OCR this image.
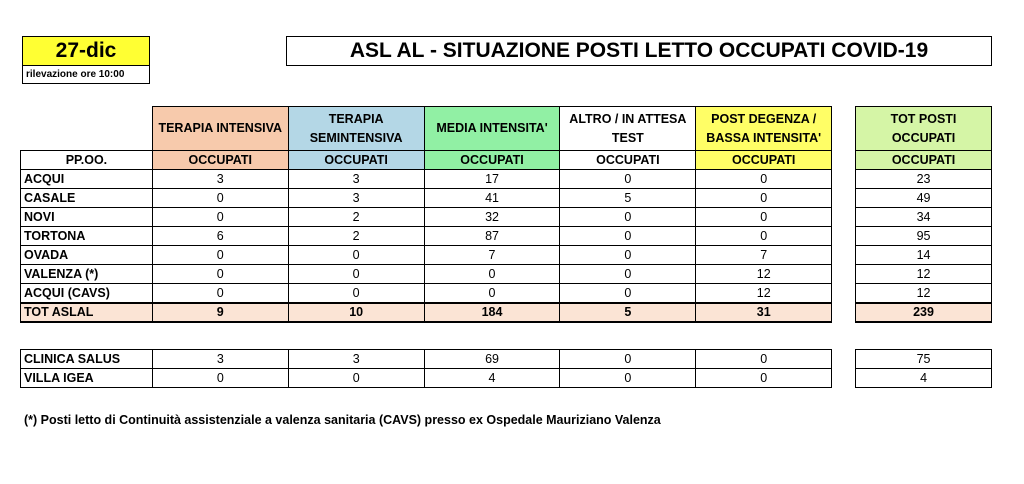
27-dic
rilevazione ore 10:00
ASL AL - SITUAZIONE POSTI LETTO OCCUPATI COVID-19
	TERAPIA INTENSIVA	TERAPIA SEMINTENSIVA	MEDIA INTENSITA'	ALTRO / IN ATTESA TEST	POST DEGENZA / BASSA INTENSITA'		TOT POSTI OCCUPATI
PP.OO.	OCCUPATI	OCCUPATI	OCCUPATI	OCCUPATI	OCCUPATI		OCCUPATI
ACQUI	3	3	17	0	0		23
CASALE	0	3	41	5	0		49
NOVI	0	2	32	0	0		34
TORTONA	6	2	87	0	0		95
OVADA	0	0	7	0	7		14
VALENZA (*)	0	0	0	0	12		12
ACQUI (CAVS)	0	0	0	0	12		12
TOT ASLAL	9	10	184	5	31		239
CLINICA SALUS	3	3	69	0	0		75
VILLA IGEA	0	0	4	0	0		4
(*) Posti letto di Continuità assistenziale a valenza sanitaria (CAVS) presso ex Ospedale Mauriziano Valenza
